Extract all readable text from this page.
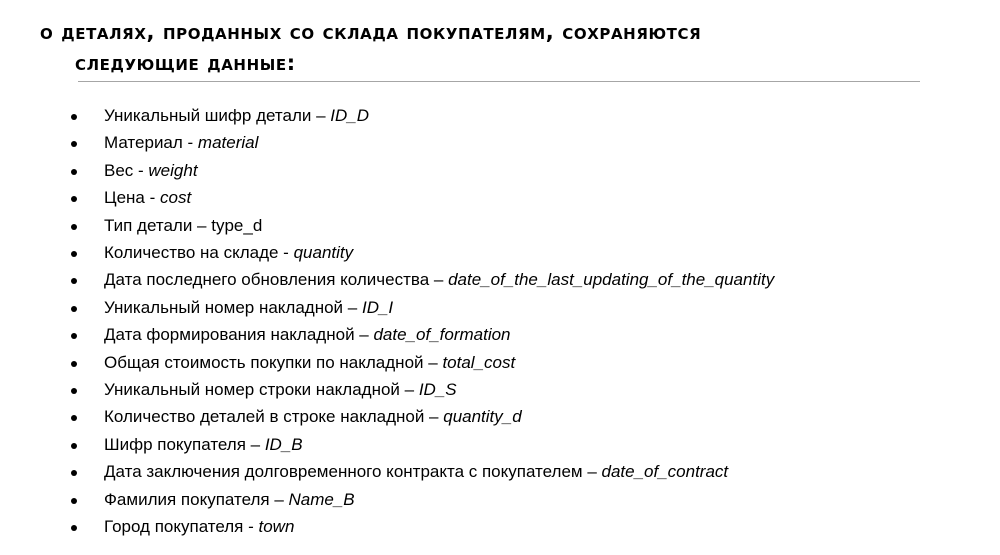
о деталях, проданных со склада покупателям, сохраняются
следующие данные:
Уникальный шифр детали – ID_D
Материал - material
Вес - weight
Цена - cost
Тип детали – type_d
Количество на складе - quantity
Дата последнего обновления количества – date_of_the_last_updating_of_the_quantity
Уникальный номер накладной – ID_I
Дата формирования накладной – date_of_formation
Общая стоимость покупки по накладной – total_cost
Уникальный номер строки накладной – ID_S
Количество деталей в строке накладной – quantity_d
Шифр покупателя – ID_B
Дата заключения долговременного контракта с покупателем – date_of_contract
Фамилия покупателя – Name_B
Город покупателя - town
